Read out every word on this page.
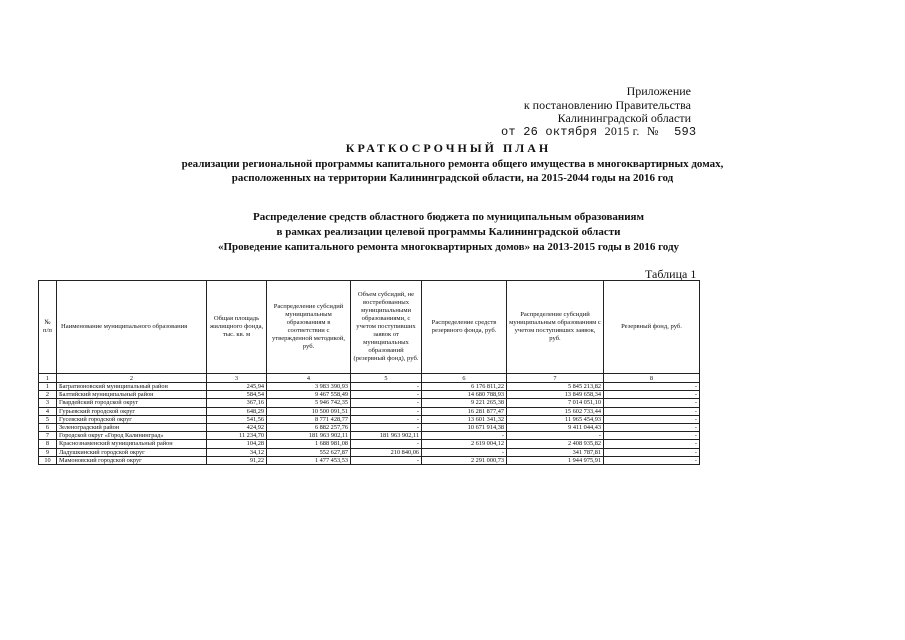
Приложение
к постановлению Правительства
Калининградской области
от 26 октября 2015 г. № 593
КРАТКОСРОЧНЫЙ ПЛАН
реализации региональной программы капитального ремонта общего имущества в многоквартирных домах,
расположенных на территории Калининградской области, на 2015-2044 годы на 2016 год
Распределение средств областного бюджета по муниципальным образованиям
в рамках реализации целевой программы Калининградской области
«Проведение капитального ремонта многоквартирных домов» на 2013-2015 годы в 2016 году
Таблица 1
№ п/п	Наименование муниципального образования	Общая площадь жилищного фонда, тыс. кв. м	Распределение субсидий муниципальным образованиям в соответствии с утвержденной методикой, руб.	Объем субсидий, не востребованных муниципальными образованиями, с учетом поступивших заявок от муниципальных образований (резервный фонд), руб.	Распределение средств резервного фонда, руб.	Распределение субсидий муниципальным образованиям с учетом поступивших заявок, руб.	Резервный фонд, руб.
1	2	3	4	5	6	7	8
1	Багратионовский муниципальный район	245,94	3 983 390,93	-	6 176 811,22	5 845 213,82	-
2	Балтийский муниципальный район	584,54	9 467 558,49	-	14 680 788,93	13 849 658,34	-
3	Гвардейский городской округ	367,16	5 946 742,35	-	9 221 265,38	7 014 051,10	-
4	Гурьевский городской округ	648,29	10 500 091,51	-	16 281 877,47	15 602 733,44	-
5	Гусевский городской округ	541,56	8 771 428,77	-	13 601 341,32	11 965 454,93	-
6	Зеленоградский район	424,92	6 882 257,76	-	10 671 914,38	9 411 044,43	-
7	Городской округ «Город Калининград»	11 234,70	181 963 902,11	181 963 902,11	-	-	-
8	Краснознаменский муниципальный район	104,28	1 688 981,08	-	2 619 004,12	2 408 935,82	-
9	Ладушкинский городской округ	34,12	552 627,87	210 840,06	-	341 787,81	-
10	Мамоновский городской округ	91,22	1 477 453,53	-	2 291 000,73	1 944 975,91	-
